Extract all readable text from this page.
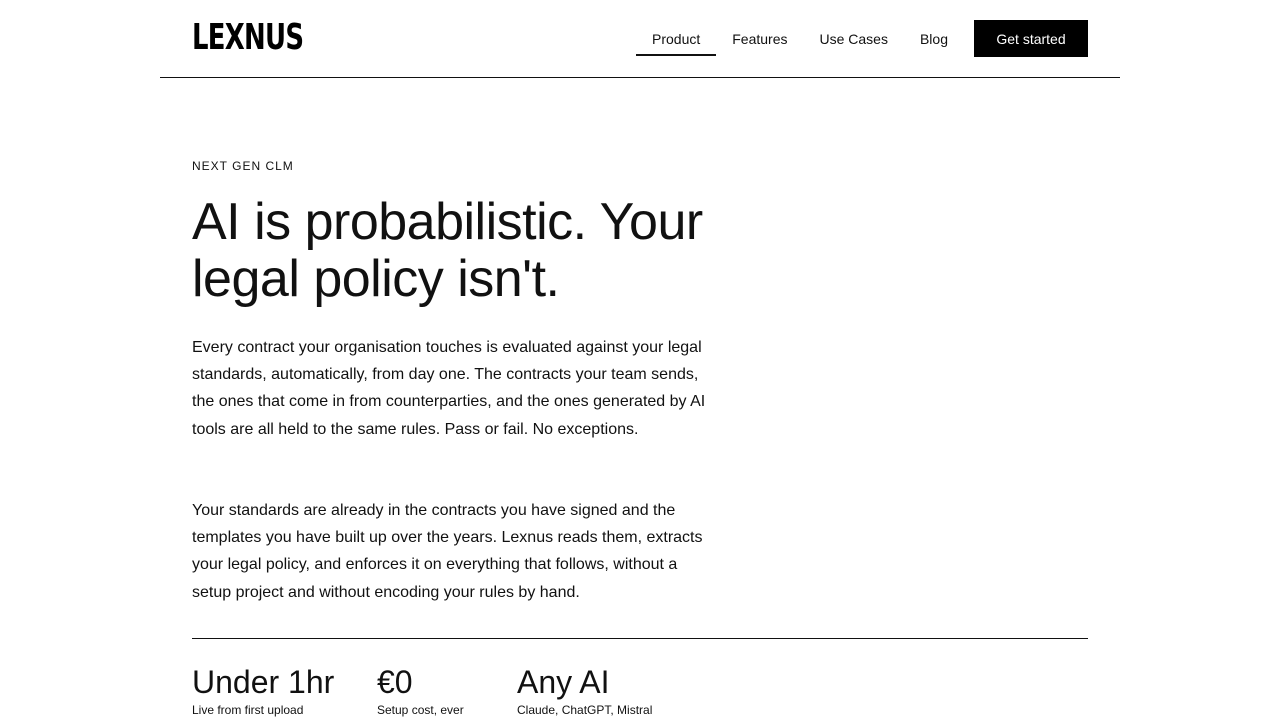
LEXNUS	Product	Features	Use Cases	Blog	Get started
NEXT GEN CLM
AI is probabilistic. Your legal policy isn't.

Every contract your organisation touches is evaluated against your legal standards, automatically, from day one. The contracts your team sends, the ones that come in from counterparties, and the ones generated by AI tools are all held to the same rules. Pass or fail. No exceptions.

Your standards are already in the contracts you have signed and the templates you have built up over the years. Lexnus reads them, extracts your legal policy, and enforces it on everything that follows, without a setup project and without encoding your rules by hand.

Under 1hr
Live from first upload
€0
Setup cost, ever
Any AI
Claude, ChatGPT, Mistral
